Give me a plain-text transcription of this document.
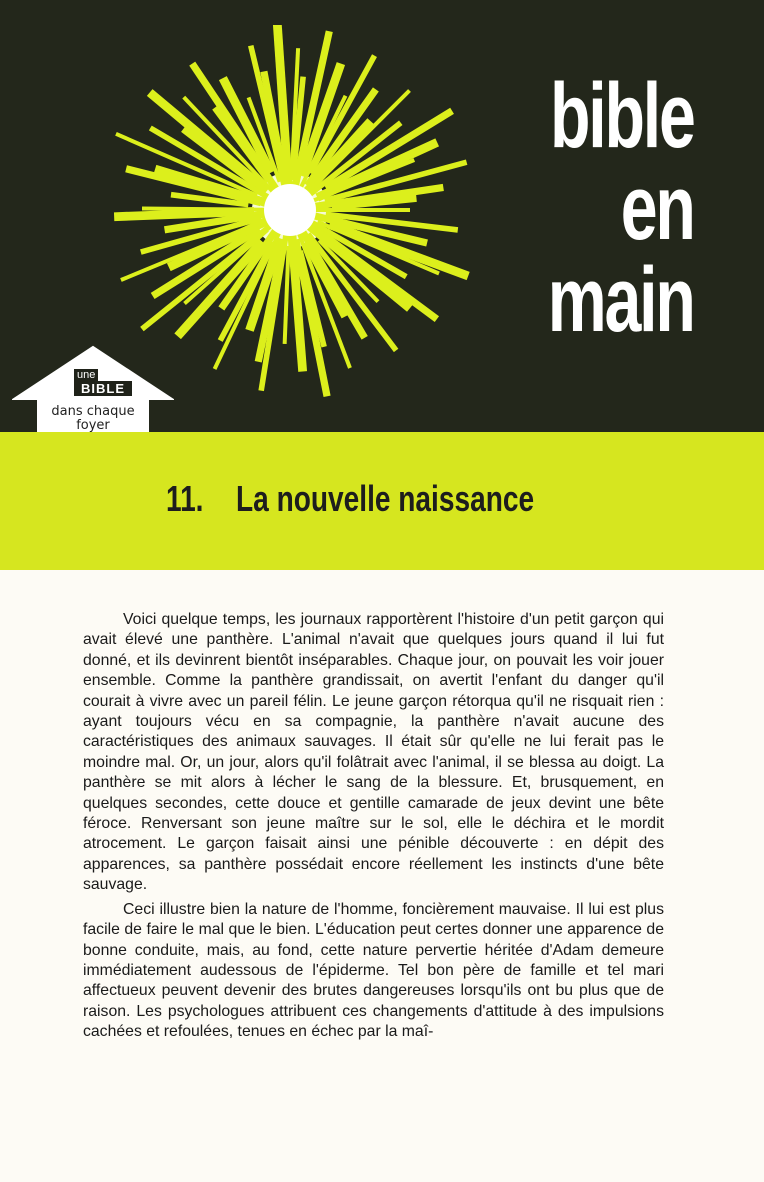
bible
en
main
une
BIBLE
dans chaque
foyer
11. La nouvelle naissance

Voici quelque temps, les journaux rapportèrent l'histoire d'un petit garçon qui avait élevé une panthère. L'animal n'avait que quelques jours quand il lui fut donné, et ils devinrent bientôt inséparables. Chaque jour, on pouvait les voir jouer ensemble. Comme la panthère grandissait, on avertit l'enfant du danger qu'il courait à vivre avec un pareil félin. Le jeune garçon rétorqua qu'il ne risquait rien : ayant toujours vécu en sa compagnie, la panthère n'avait aucune des caractéristiques des animaux sauvages. Il était sûr qu'elle ne lui ferait pas le moindre mal. Or, un jour, alors qu'il folâtrait avec l'animal, il se blessa au doigt. La panthère se mit alors à lécher le sang de la blessure. Et, brusquement, en quelques secondes, cette douce et gentille camarade de jeux devint une bête féroce. Renversant son jeune maître sur le sol, elle le déchira et le mordit atrocement. Le garçon faisait ainsi une pénible découverte : en dépit des apparences, sa panthère possédait encore réellement les instincts d'une bête sauvage.

Ceci illustre bien la nature de l'homme, foncièrement mauvaise. Il lui est plus facile de faire le mal que le bien. L'éducation peut certes donner une apparence de bonne conduite, mais, au fond, cette nature pervertie héritée d'Adam demeure immédiatement audessous de l'épiderme. Tel bon père de famille et tel mari affectueux peuvent devenir des brutes dangereuses lorsqu'ils ont bu plus que de raison. Les psychologues attribuent ces changements d'attitude à des impulsions cachées et refoulées, tenues en échec par la maî-
